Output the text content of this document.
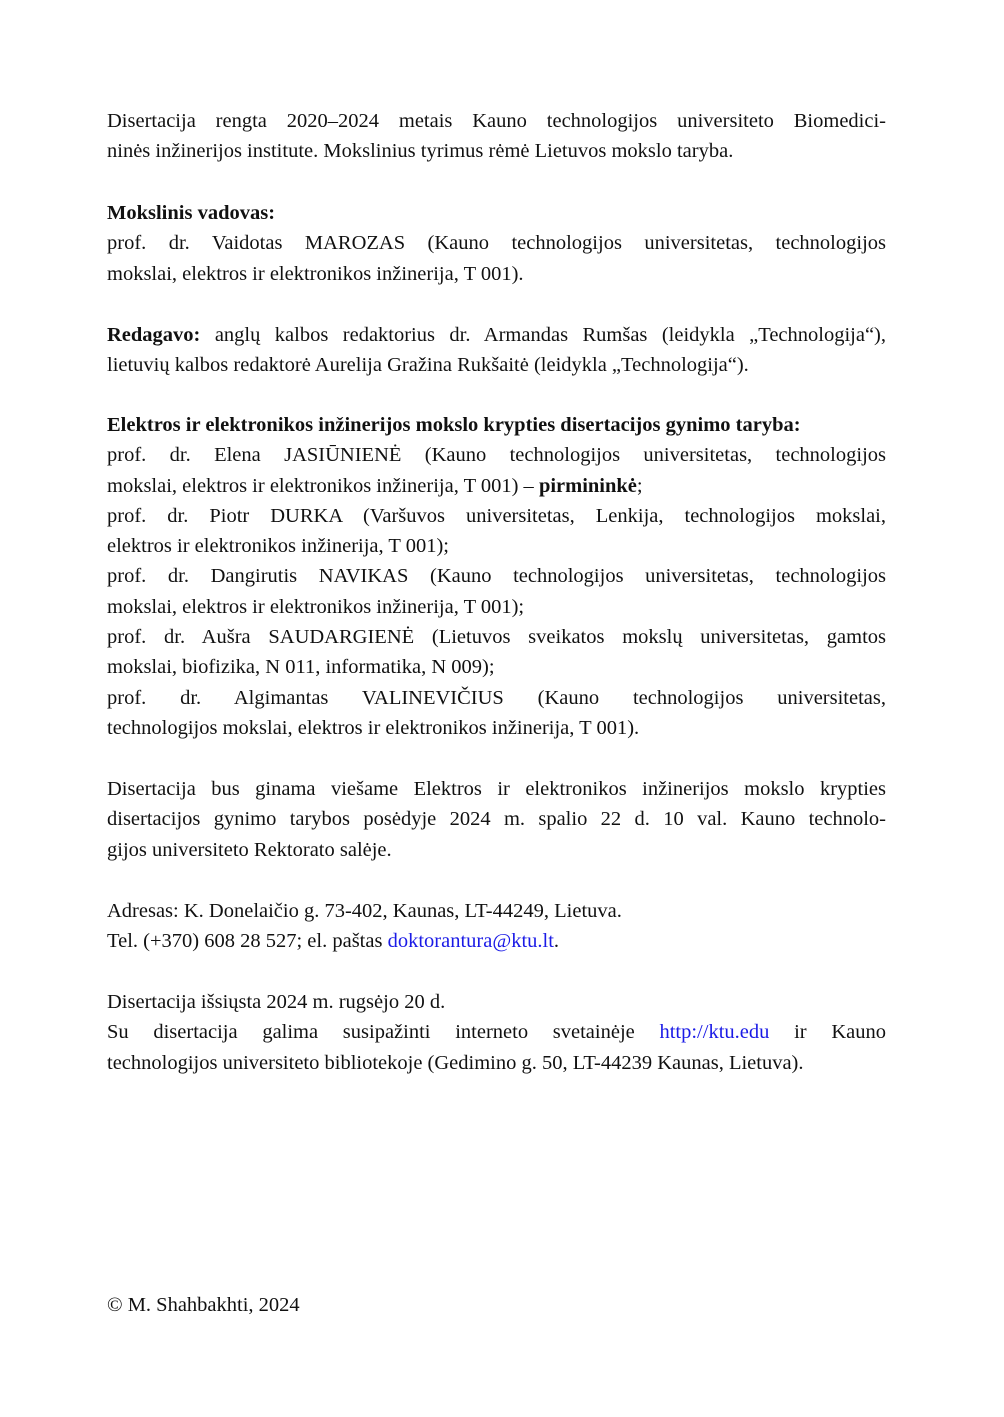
Disertacija rengta 2020–2024 metais Kauno technologijos universiteto Biomedici-
ninės inžinerijos institute. Mokslinius tyrimus rėmė Lietuvos mokslo taryba.
Mokslinis vadovas:
prof. dr. Vaidotas MAROZAS (Kauno technologijos universitetas, technologijos
mokslai, elektros ir elektronikos inžinerija, T 001).
Redagavo: anglų kalbos redaktorius dr. Armandas Rumšas (leidykla „Technologija“),
lietuvių kalbos redaktorė Aurelija Gražina Rukšaitė (leidykla „Technologija“).
Elektros ir elektronikos inžinerijos mokslo krypties disertacijos gynimo taryba:
prof. dr. Elena JASIŪNIENĖ (Kauno technologijos universitetas, technologijos
mokslai, elektros ir elektronikos inžinerija, T 001) – pirmininkė;
prof. dr. Piotr DURKA (Varšuvos universitetas, Lenkija, technologijos mokslai,
elektros ir elektronikos inžinerija, T 001);
prof. dr. Dangirutis NAVIKAS (Kauno technologijos universitetas, technologijos
mokslai, elektros ir elektronikos inžinerija, T 001);
prof. dr. Aušra SAUDARGIENĖ (Lietuvos sveikatos mokslų universitetas, gamtos
mokslai, biofizika, N 011, informatika, N 009);
prof. dr. Algimantas VALINEVIČIUS (Kauno technologijos universitetas,
technologijos mokslai, elektros ir elektronikos inžinerija, T 001).
Disertacija bus ginama viešame Elektros ir elektronikos inžinerijos mokslo krypties
disertacijos gynimo tarybos posėdyje 2024 m. spalio 22 d. 10 val. Kauno technolo-
gijos universiteto Rektorato salėje.
Adresas: K. Donelaičio g. 73-402, Kaunas, LT-44249, Lietuva.
Tel. (+370) 608 28 527; el. paštas doktorantura@ktu.lt.
Disertacija išsiųsta 2024 m. rugsėjo 20 d.
Su disertacija galima susipažinti interneto svetainėje http://ktu.edu ir Kauno
technologijos universiteto bibliotekoje (Gedimino g. 50, LT-44239 Kaunas, Lietuva).
© M. Shahbakhti, 2024
